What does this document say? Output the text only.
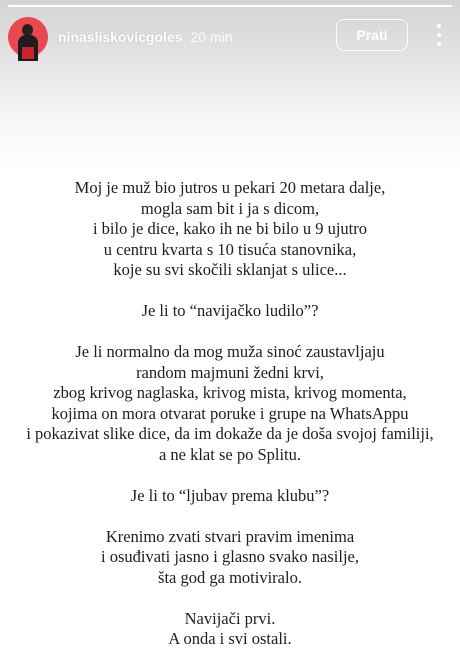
ninasliskovicgoles 20 min	Prati
Moj je muž bio jutros u pekari 20 metara dalje,
mogla sam bit i ja s dicom,
i bilo je dice, kako ih ne bi bilo u 9 ujutro
u centru kvarta s 10 tisuća stanovnika,
koje su svi skočili sklanjat s ulice...
Je li to “navijačko ludilo”?
Je li normalno da mog muža sinoć zaustavljaju
random majmuni žedni krvi,
zbog krivog naglaska, krivog mista, krivog momenta,
kojima on mora otvarat poruke i grupe na WhatsAppu
i pokazivat slike dice, da im dokaže da je doša svojoj familiji,
a ne klat se po Splitu.
Je li to “ljubav prema klubu”?
Krenimo zvati stvari pravim imenima
i osuđivati jasno i glasno svako nasilje,
šta god ga motiviralo.
Navijači prvi.
A onda i svi ostali.
